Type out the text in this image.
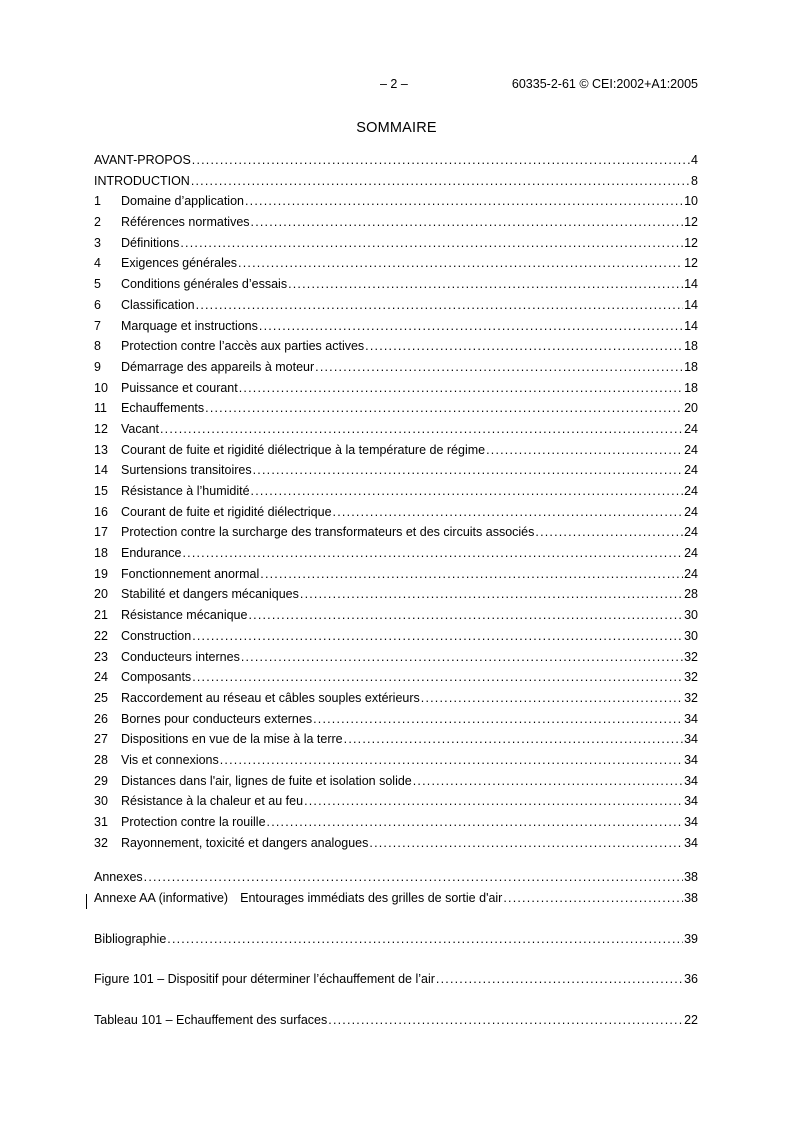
– 2 –	60335-2-61 © CEI:2002+A1:2005
SOMMAIRE
AVANT-PROPOS .....	4
INTRODUCTION .....	8
1	Domaine d’application .....	10
2	Références normatives .....	12
3	Définitions .....	12
4	Exigences générales .....	12
5	Conditions générales d’essais .....	14
6	Classification .....	14
7	Marquage et instructions .....	14
8	Protection contre l’accès aux parties actives .....	18
9	Démarrage des appareils à moteur .....	18
10	Puissance et courant .....	18
11	Echauffements .....	20
12	Vacant .....	24
13	Courant de fuite et rigidité diélectrique à la température de régime .....	24
14	Surtensions transitoires .....	24
15	Résistance à l’humidité .....	24
16	Courant de fuite et rigidité diélectrique .....	24
17	Protection contre la surcharge des transformateurs et des circuits associés .....	24
18	Endurance .....	24
19	Fonctionnement anormal .....	24
20	Stabilité et dangers mécaniques .....	28
21	Résistance mécanique .....	30
22	Construction .....	30
23	Conducteurs internes .....	32
24	Composants .....	32
25	Raccordement au réseau et câbles souples extérieurs .....	32
26	Bornes pour conducteurs externes .....	34
27	Dispositions en vue de la mise à la terre .....	34
28	Vis et connexions .....	34
29	Distances dans l'air, lignes de fuite et isolation solide .....	34
30	Résistance à la chaleur et au feu .....	34
31	Protection contre la rouille .....	34
32	Rayonnement, toxicité et dangers analogues .....	34
Annexes .....	38
Annexe AA (informative) Entourages immédiats des grilles de sortie d'air .....	38
Bibliographie .....	39
Figure 101 – Dispositif pour déterminer l’échauffement de l’air .....	36
Tableau 101 – Echauffement des surfaces .....	22
